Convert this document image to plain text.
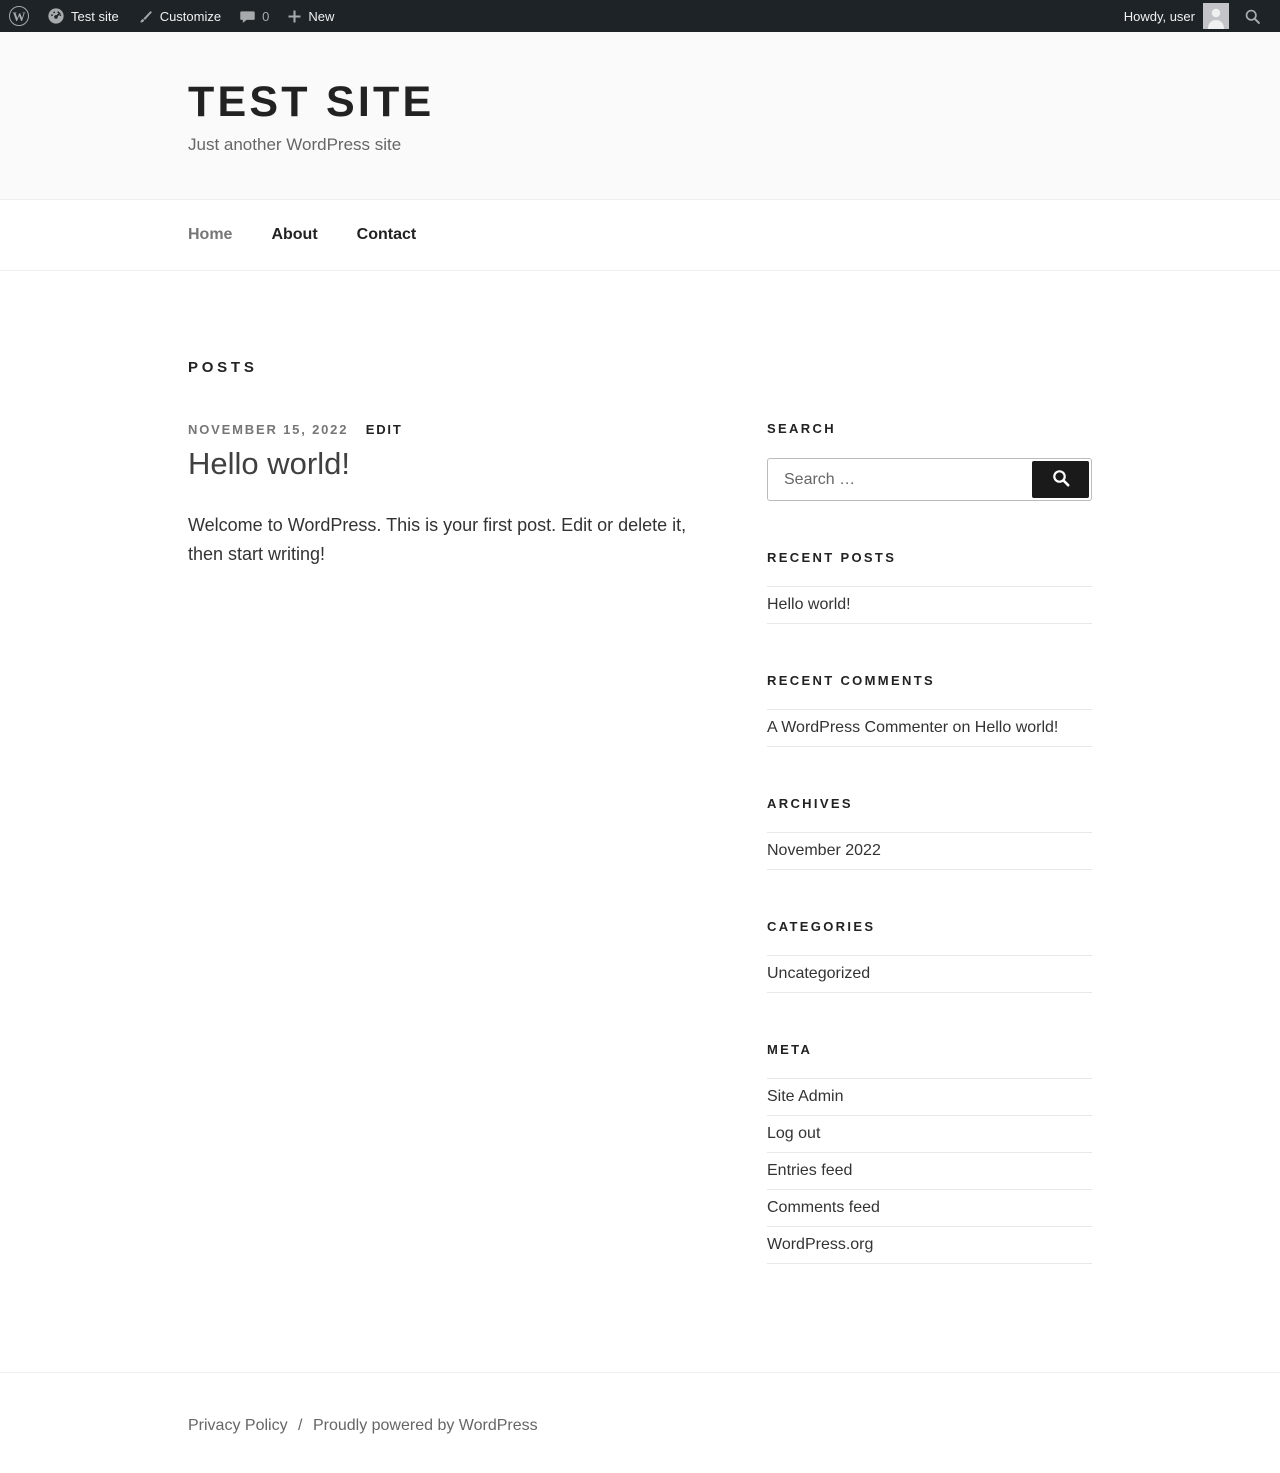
W	Test site	Customize	0	New	Howdy, user
TEST SITE
Just another WordPress site
Home About Contact
POSTS
NOVEMBER 15, 2022 EDIT
Hello world!

Welcome to WordPress. This is your first post. Edit or delete it, then start writing!

SEARCH
Search …
RECENT POSTS
Hello world!
RECENT COMMENTS
A WordPress Commenter on Hello world!
ARCHIVES
November 2022
CATEGORIES
Uncategorized
META
Site Admin
Log out
Entries feed
Comments feed
WordPress.org
Privacy Policy / Proudly powered by WordPress
